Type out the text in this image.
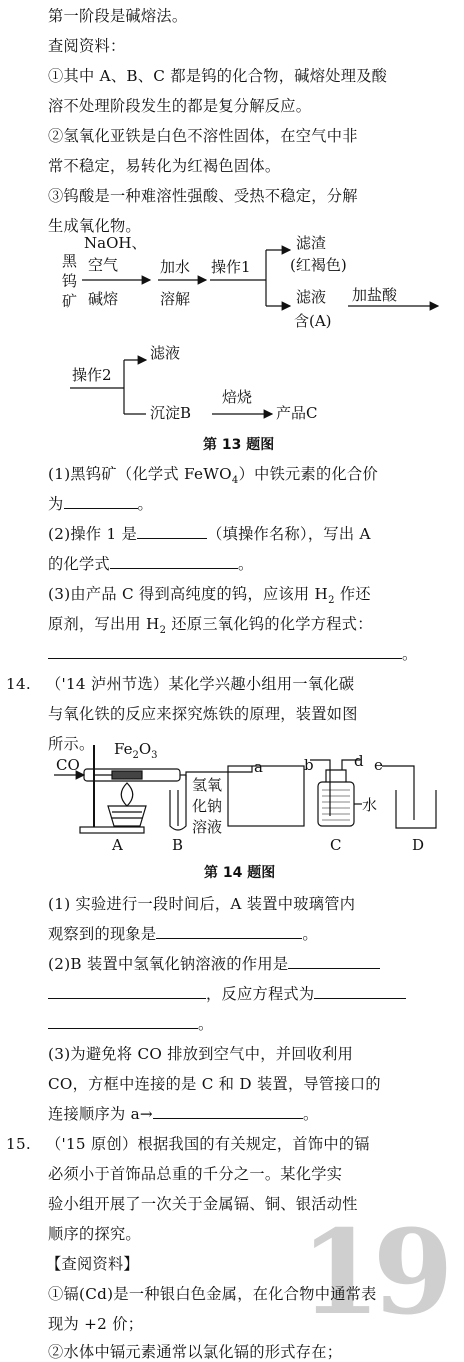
19
第一阶段是碱熔法。
查阅资料：
①其中 A、B、C 都是钨的化合物，碱熔处理及酸
溶不处理阶段发生的都是复分解反应。
②氢氧化亚铁是白色不溶性固体，在空气中非
常不稳定，易转化为红褐色固体。
③钨酸是一种难溶性强酸、受热不稳定，分解
生成氧化物。
黑
钨
矿
NaOH、
空气
碱熔
加水
溶解
操作1
滤渣
(红褐色)
滤液
含(A)
加盐酸
操作2
滤液
沉淀B
焙烧
产品C
第 13 题图
(1)黑钨矿（化学式 FeWO$_4$）中铁元素的化合价
为	。
(2)操作 1 是	（填操作名称），写出 A
的化学式	。
(3)由产品 C 得到高纯度的钨，应该用 $H_2$ 作还
原剂，写出用 $H_2$ 还原三氧化钨的化学方程式：
。
14. （'14 泸州节选）某化学兴趣小组用一氧化碳
与氧化铁的反应来探究炼铁的原理，装置如图
所示。
CO
$Fe_2O_3$
氢氧
化钠
溶液
a	b	d e
水
A	B	C	D
第 14 题图
(1) 实验进行一段时间后，A 装置中玻璃管内
观察到的现象是	。
(2)B 装置中氢氧化钠溶液的作用是
，反应方程式为
。
(3)为避免将 CO 排放到空气中，并回收利用
CO，方框中连接的是 C 和 D 装置，导管接口的
连接顺序为 a→	。
15. （'15 原创）根据我国的有关规定，首饰中的镉
必须小于首饰品总重的千分之一。某化学实
验小组开展了一次关于金属镉、铜、银活动性
顺序的探究。
【查阅资料】
①镉(Cd)是一种银白色金属，在化合物中通常表
现为 +2 价；
②水体中镉元素通常以氯化镉的形式存在；
